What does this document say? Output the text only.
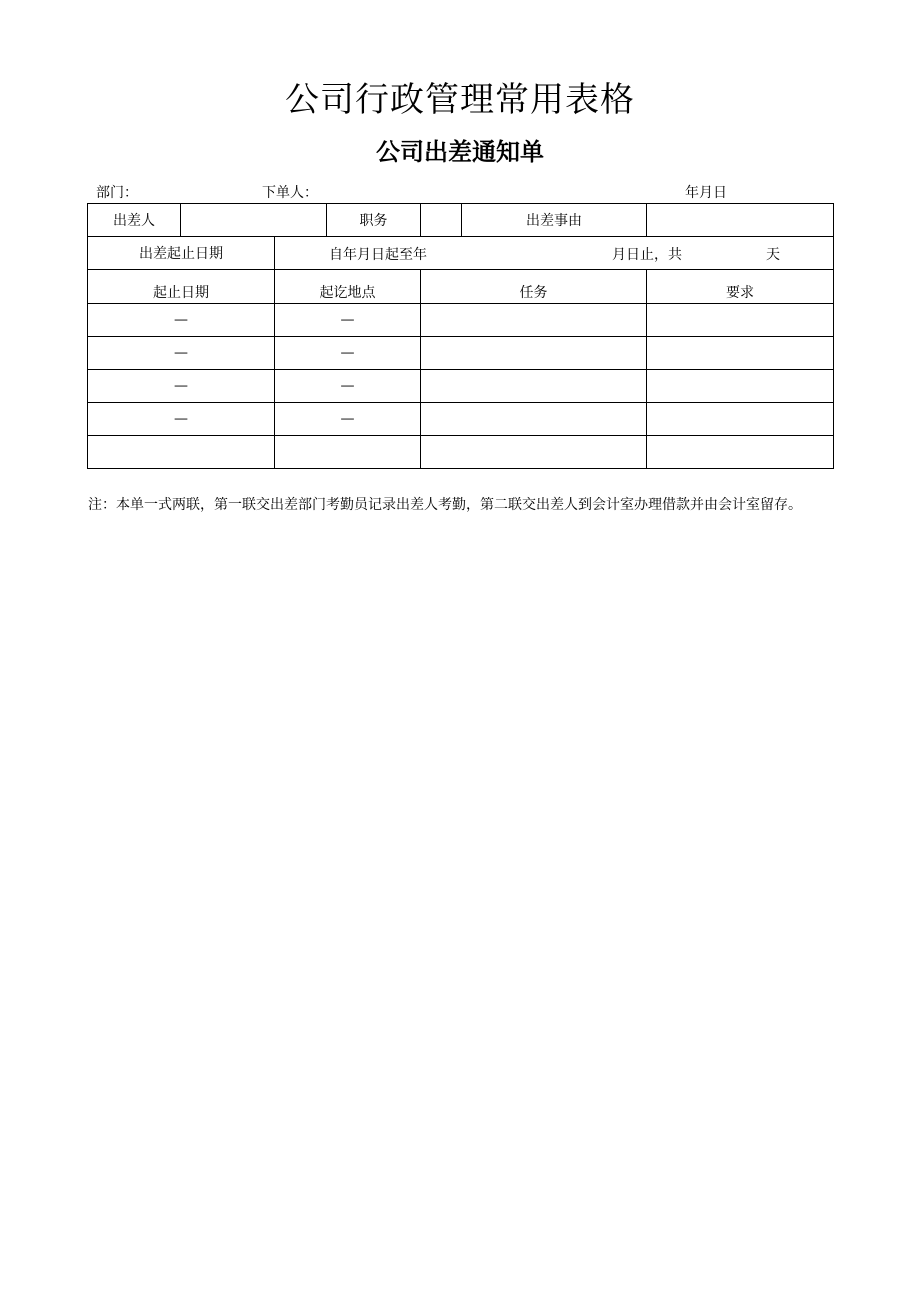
公司行政管理常用表格
公司出差通知单
部门：	下单人：	年月日
出差人			职务		出差事由	
出差起止日期		自年月日起至年 月日止，共 天				

起止日期		起讫地点		任务		要求
—		—				
—		—				
—		—				
—		—				

注：本单一式两联，第一联交出差部门考勤员记录出差人考勤，第二联交出差人到会计室办理借款并由会计室留存。
